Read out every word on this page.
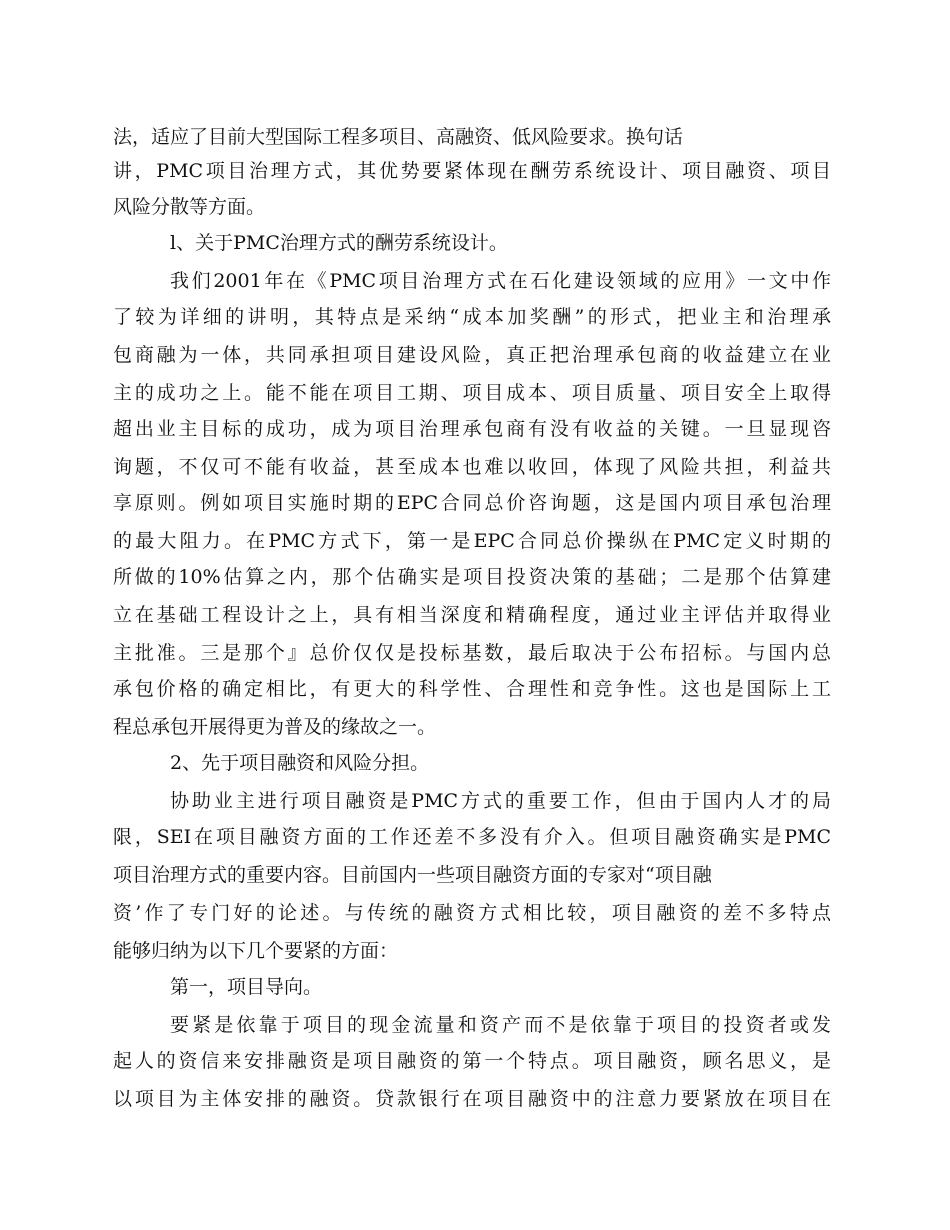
法，适应了目前大型国际工程多项目、高融资、低风险要求。换句话

讲，PMC项目治理方式，其优势要紧体现在酬劳系统设计、项目融资、项目

风险分散等方面。

l、关于PMC治理方式的酬劳系统设计。

我们2001年在《PMC项目治理方式在石化建设领域的应用》一文中作

了较为详细的讲明，其特点是采纳“成本加奖酬”的形式，把业主和治理承

包商融为一体，共同承担项目建设风险，真正把治理承包商的收益建立在业

主的成功之上。能不能在项目工期、项目成本、项目质量、项目安全上取得

超出业主目标的成功，成为项目治理承包商有没有收益的关键。一旦显现咨

询题，不仅可不能有收益，甚至成本也难以收回，体现了风险共担，利益共

享原则。例如项目实施时期的EPC合同总价咨询题，这是国内项目承包治理

的最大阻力。在PMC方式下，第一是EPC合同总价操纵在PMC定义时期的

所做的10%估算之内，那个估确实是项目投资决策的基础；二是那个估算建

立在基础工程设计之上，具有相当深度和精确程度，通过业主评估并取得业

主批准。三是那个』总价仅仅是投标基数，最后取决于公布招标。与国内总

承包价格的确定相比，有更大的科学性、合理性和竞争性。这也是国际上工

程总承包开展得更为普及的缘故之一。

2、先于项目融资和风险分担。

协助业主进行项目融资是PMC方式的重要工作，但由于国内人才的局

限，SEI在项目融资方面的工作还差不多没有介入。但项目融资确实是PMC

项目治理方式的重要内容。目前国内一些项目融资方面的专家对“项目融

资’作了专门好的论述。与传统的融资方式相比较，项目融资的差不多特点

能够归纳为以下几个要紧的方面：

第一，项目导向。

要紧是依靠于项目的现金流量和资产而不是依靠于项目的投资者或发

起人的资信来安排融资是项目融资的第一个特点。项目融资，顾名思义，是

以项目为主体安排的融资。贷款银行在项目融资中的注意力要紧放在项目在
